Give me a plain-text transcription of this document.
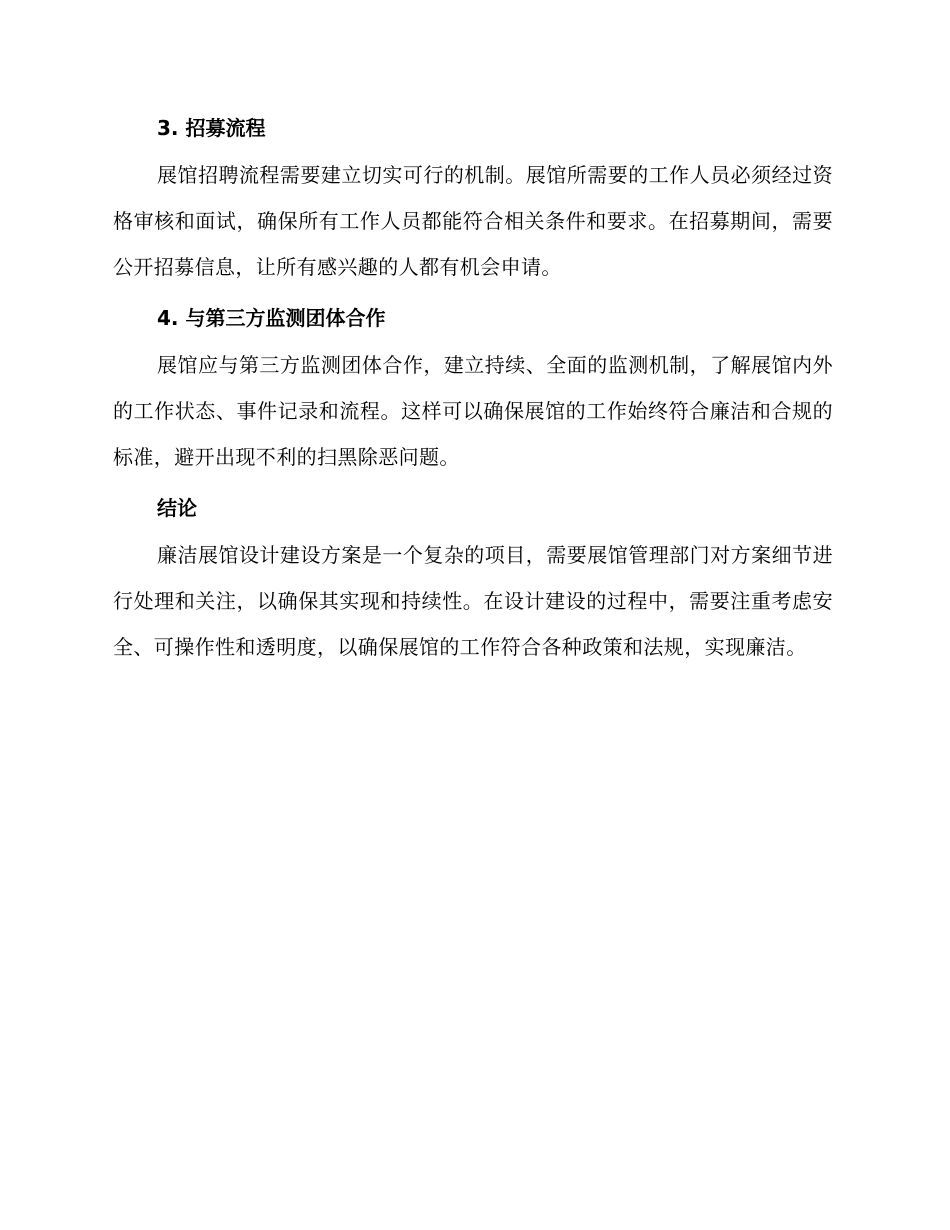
3. 招募流程

展馆招聘流程需要建立切实可行的机制。展馆所需要的工作人员必须经过资格审核和面试，确保所有工作人员都能符合相关条件和要求。在招募期间，需要公开招募信息，让所有感兴趣的人都有机会申请。

4. 与第三方监测团体合作

展馆应与第三方监测团体合作，建立持续、全面的监测机制，了解展馆内外的工作状态、事件记录和流程。这样可以确保展馆的工作始终符合廉洁和合规的标准，避开出现不利的扫黑除恶问题。

结论

廉洁展馆设计建设方案是一个复杂的项目，需要展馆管理部门对方案细节进行处理和关注，以确保其实现和持续性。在设计建设的过程中，需要注重考虑安全、可操作性和透明度，以确保展馆的工作符合各种政策和法规，实现廉洁。
